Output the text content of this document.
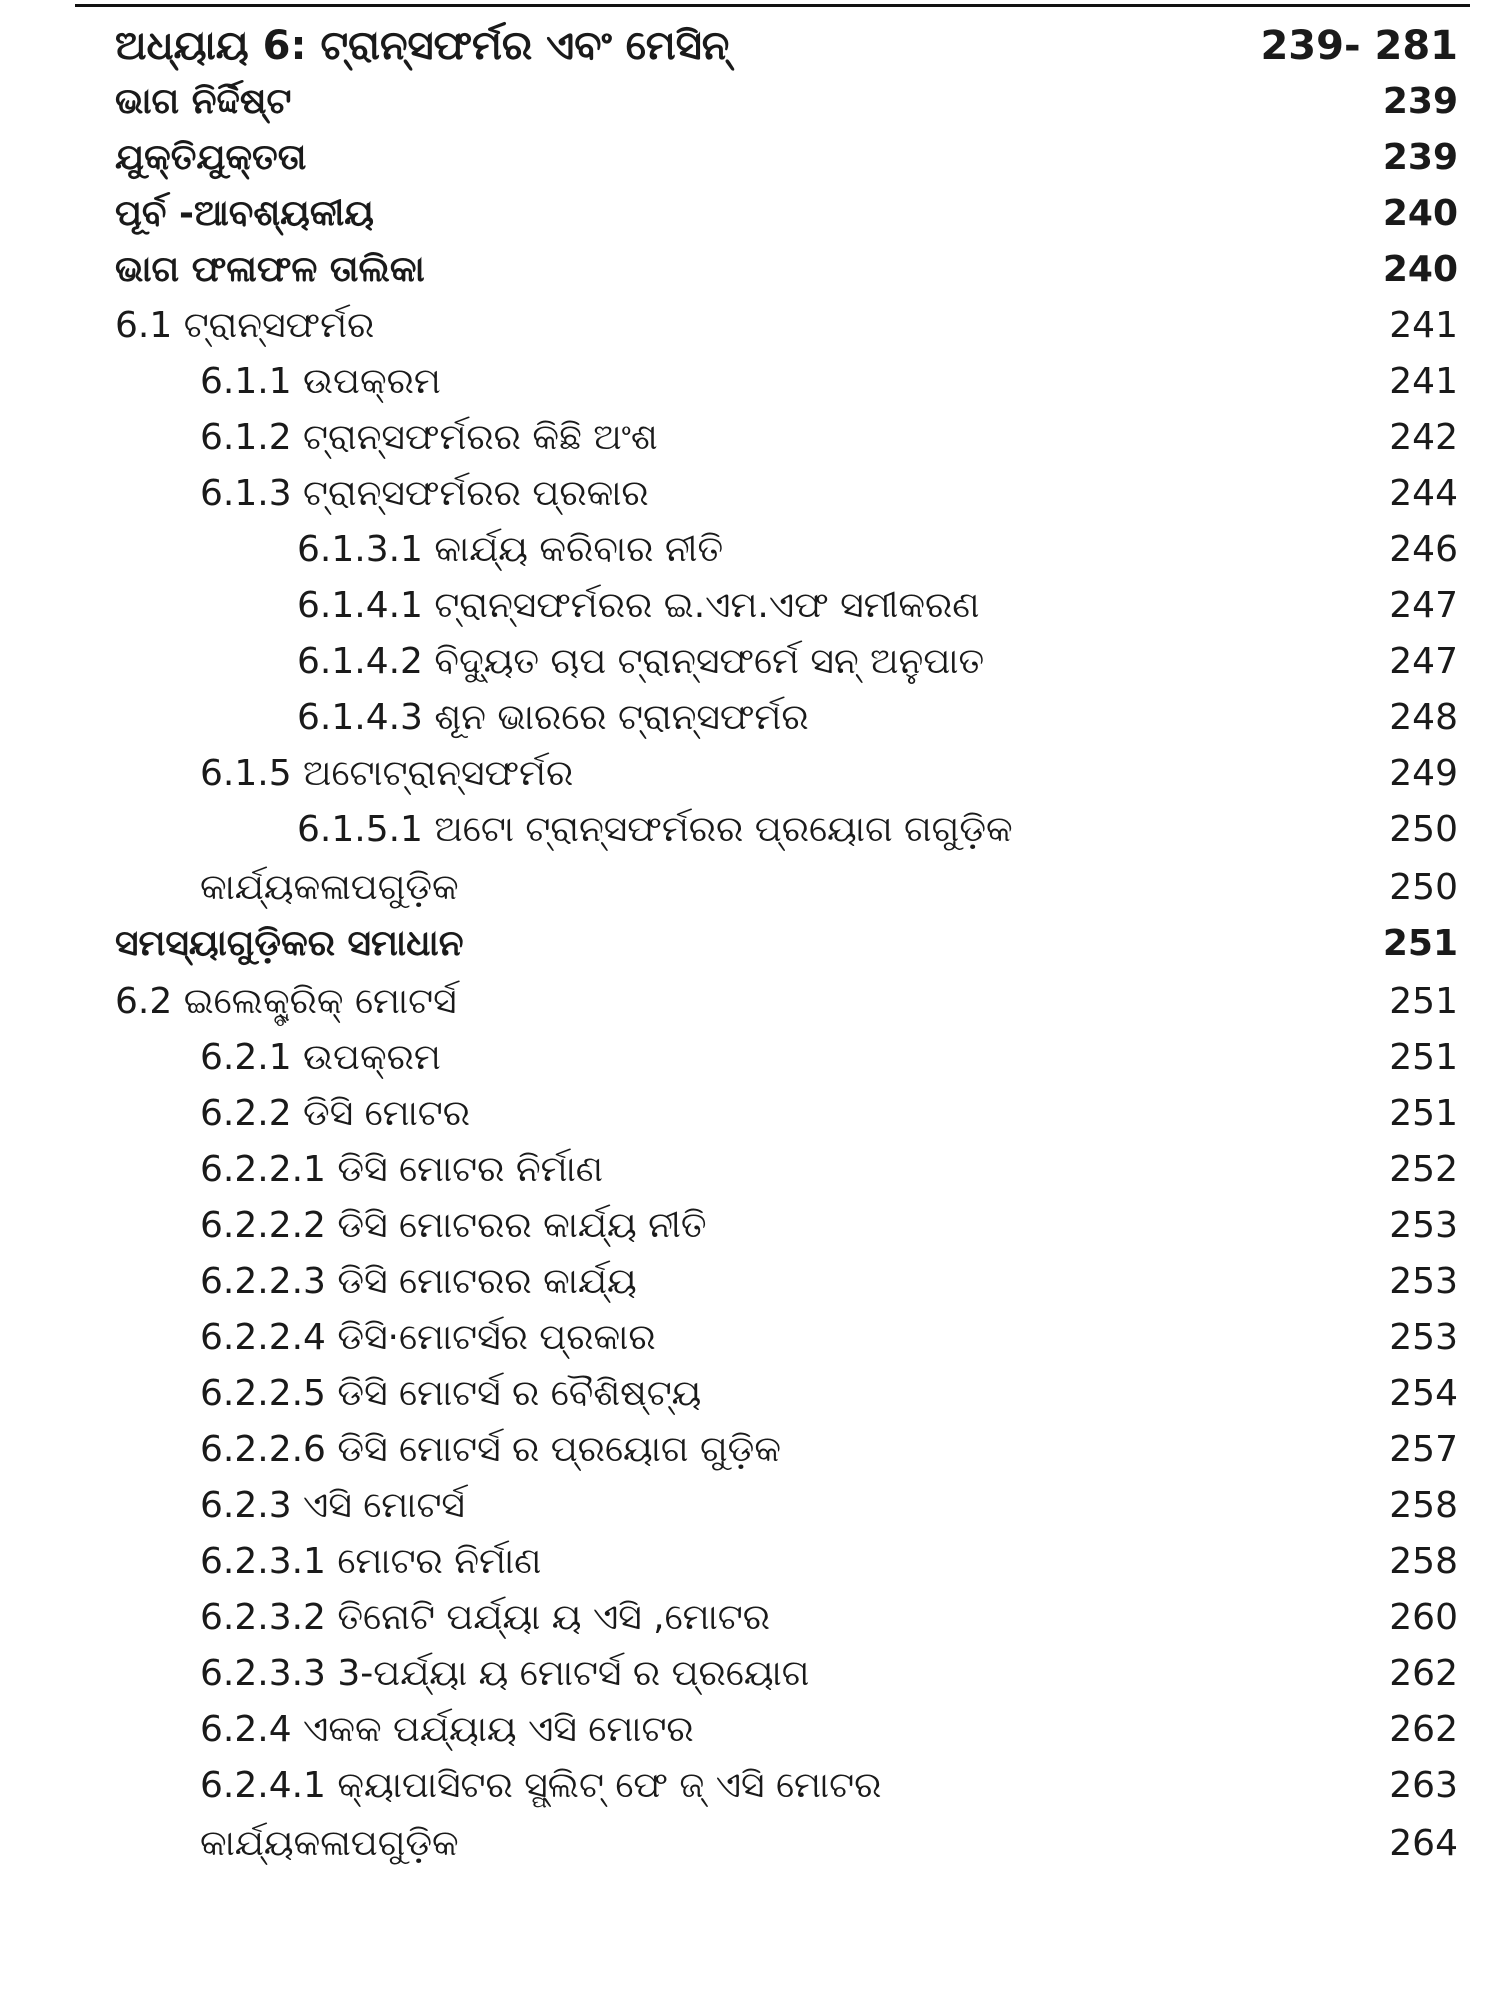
ଅଧ୍ୟାୟ 6: ଟ୍ରାନ୍ସଫର୍ମର ଏବଂ ମେସିନ୍	239- 281
ଭାଗ ନିର୍ଦ୍ଦିଷ୍ଟ	239
ଯୁକ୍ତିଯୁକ୍ତତା	239
ପୂର୍ବ -ଆବଶ୍ୟକୀୟ	240
ଭାଗ ଫଳାଫଳ ତାଲିକା	240
6.1 ଟ୍ରାନ୍ସଫର୍ମର	241
6.1.1 ଉପକ୍ରମ	241
6.1.2 ଟ୍ରାନ୍ସଫର୍ମରର କିଛି ଅଂଶ	242
6.1.3 ଟ୍ରାନ୍ସଫର୍ମରର ପ୍ରକାର	244
6.1.3.1 କାର୍ଯ୍ୟ କରିବାର ନୀତି	246
6.1.4.1 ଟ୍ରାନ୍ସଫର୍ମରର ଇ.ଏମ.ଏଫ ସମୀକରଣ	247
6.1.4.2 ବିଦ୍ୟୁତ ଚାପ ଟ୍ରାନ୍ସଫର୍ମେ ସନ୍ ଅନୁପାତ	247
6.1.4.3 ଶୂନ ଭାରରେ ଟ୍ରାନ୍ସଫର୍ମର	248
6.1.5 ଅଟୋଟ୍ରାନ୍ସଫର୍ମର	249
6.1.5.1 ଅଟୋ ଟ୍ରାନ୍ସଫର୍ମରର ପ୍ରୟୋଗ ଗଗୁଡ଼ିକ	250
କାର୍ଯ୍ୟକଳାପଗୁଡ଼ିକ	250
ସମସ୍ୟାଗୁଡ଼ିକର ସମାଧାନ	251
6.2 ଇଲେକ୍ଟ୍ରିକ୍ ମୋଟର୍ସ	251
6.2.1 ଉପକ୍ରମ	251
6.2.2 ଡିସି ମୋଟର	251
6.2.2.1 ଡିସି ମୋଟର ନିର୍ମାଣ	252
6.2.2.2 ଡିସି ମୋଟରର କାର୍ଯ୍ୟ ନୀତି	253
6.2.2.3 ଡିସି ମୋଟରର କାର୍ଯ୍ୟ	253
6.2.2.4 ଡିସି·ମୋଟର୍ସର ପ୍ରକାର	253
6.2.2.5 ଡିସି ମୋଟର୍ସ ର ବୈଶିଷ୍ଟ୍ୟ	254
6.2.2.6 ଡିସି ମୋଟର୍ସ ର ପ୍ରୟୋଗ ଗୁଡ଼ିକ	257
6.2.3 ଏସି ମୋଟର୍ସ	258
6.2.3.1 ମୋଟର ନିର୍ମାଣ	258
6.2.3.2 ତିନୋଟି ପର୍ଯ୍ୟା ୟ ଏସି ,ମୋଟର	260
6.2.3.3 3-ପର୍ଯ୍ୟା ୟ ମୋଟର୍ସ ର ପ୍ରୟୋଗ	262
6.2.4 ଏକକ ପର୍ଯ୍ୟାୟ ଏସି ମୋଟର	262
6.2.4.1 କ୍ୟାପାସିଟର ସ୍ପ୍ଲିଟ୍ ଫେ ଜ୍ ଏସି ମୋଟର	263
କାର୍ଯ୍ୟକଳାପଗୁଡ଼ିକ	264
